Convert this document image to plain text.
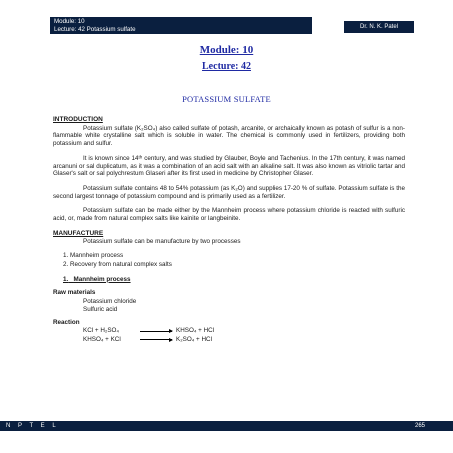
Module: 10
Lecture: 42 Potassium sulfate	Dr. N. K. Patel
Module: 10
Lecture: 42
POTASSIUM SULFATE
INTRODUCTION
Potassium sulfate (K₂SO₄) also called sulfate of potash, arcanite, or archaically known as potash of sulfur is a non-flammable white crystalline salt which is soluble in water. The chemical is commonly used in fertilizers, providing both potassium and sulfur.
It is known since 14ᵗʰ century, and was studied by Glauber, Boyle and Tachenius. In the 17th century, it was named arcanuni or sal duplicatum, as it was a combination of an acid salt with an alkaline salt. It was also known as vitriolic tartar and Glaser's salt or sal polychrestum Glaseri after its first used in medicine by Christopher Glaser.
Potassium sulfate contains 48 to 54% potassium (as K₂O) and supplies 17-20 % of sulfate. Potassium sulfate is the second largest tonnage of potassium compound and is primarily used as a fertilizer.
Potassium sulfate can be made either by the Mannheim process where potassium chloride is reacted with sulfuric acid, or, made from natural complex salts like kainite or langbeinite.
MANUFACTURE
Potassium sulfate can be manufacture by two processes
1. Mannheim process
2. Recovery from natural complex salts
1. Mannheim process
Raw materials
Potassium chloride
Sulfuric acid
Reaction
KCl + H₂SO₄	KHSO₄ + HCl
KHSO₄ + KCl	K₂SO₄ + HCl
N P T E L	265
